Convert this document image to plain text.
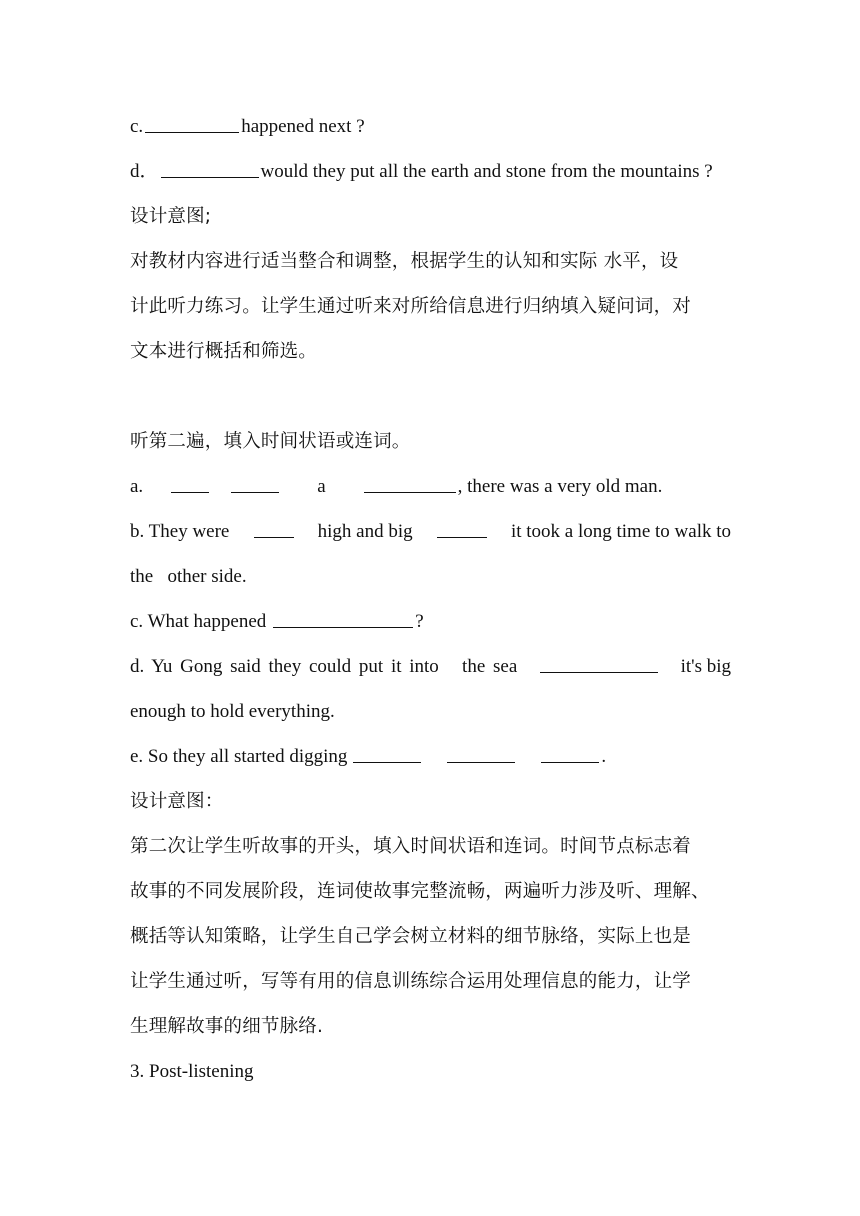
c.	happened next ?
d．	would they put all the earth and stone from the mountains ?
设计意图;
对教材内容进行适当整合和调整，根据学生的认知和实际 水平，设
计此听力练习。让学生通过听来对所给信息进行归纳填入疑问词，对
文本进行概括和筛选。
听第二遍，填入时间状语或连词。
a.	a	, there was a very old man.
b. They were	high and big	it took a long time to walk to
the   other side.
c. What happened	?
d. Yu Gong said they could put it into   the sea	it's big
enough to hold everything.
e. So they all started digging	.
设计意图：
第二次让学生听故事的开头，填入时间状语和连词。时间节点标志着
故事的不同发展阶段，连词使故事完整流畅，两遍听力涉及听、理解、
概括等认知策略，让学生自己学会树立材料的细节脉络，实际上也是
让学生通过听，写等有用的信息训练综合运用处理信息的能力，让学
生理解故事的细节脉络.
3. Post-listening
